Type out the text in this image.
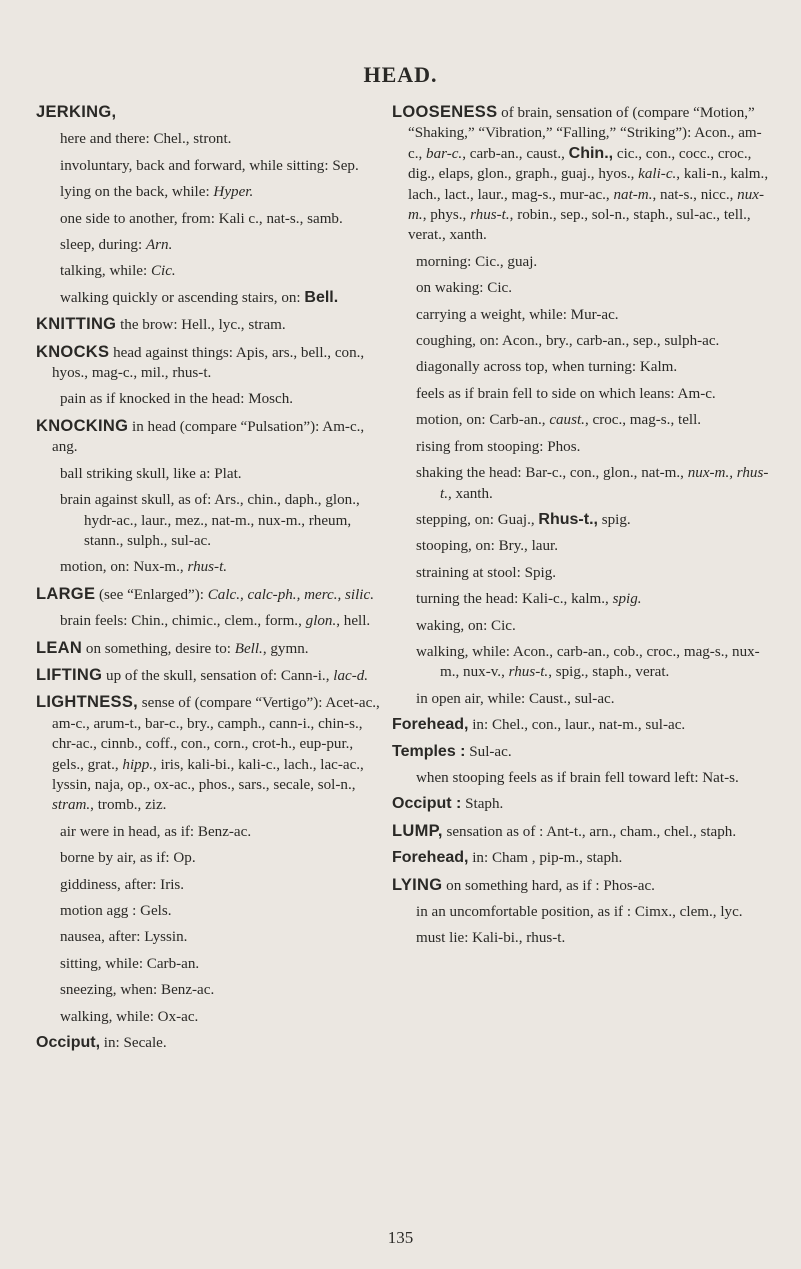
HEAD.
JERKING,
here and there: Chel., stront.
involuntary, back and forward, while sitting: Sep.
lying on the back, while: Hyper.
one side to another, from: Kali c., nat-s., samb.
sleep, during: Arn.
talking, while: Cic.
walking quickly or ascending stairs, on: Bell.
KNITTING the brow: Hell., lyc., stram.
KNOCKS head against things: Apis, ars., bell., con., hyos., mag-c., mil., rhus-t.
pain as if knocked in the head: Mosch.
KNOCKING in head (compare “Pulsation”): Am-c., ang.
ball striking skull, like a: Plat.
brain against skull, as of: Ars., chin., daph., glon., hydr-ac., laur., mez., nat-m., nux-m., rheum, stann., sulph., sul-ac.
motion, on: Nux-m., rhus-t.
LARGE (see “Enlarged”): Calc., calc-ph., merc., silic.
brain feels: Chin., chimic., clem., form., glon., hell.
LEAN on something, desire to: Bell., gymn.
LIFTING up of the skull, sensation of: Cann-i., lac-d.
LIGHTNESS, sense of (compare “Vertigo”): Acet-ac., am-c., arum-t., bar-c., bry., camph., cann-i., chin-s., chr-ac., cinnb., coff., con., corn., crot-h., eup-pur., gels., grat., hipp., iris, kali-bi., kali-c., lach., lac-ac., lyssin, naja, op., ox-ac., phos., sars., secale, sol-n., stram., tromb., ziz.
air were in head, as if: Benz-ac.
borne by air, as if: Op.
giddiness, after: Iris.
motion agg : Gels.
nausea, after: Lyssin.
sitting, while: Carb-an.
sneezing, when: Benz-ac.
walking, while: Ox-ac.
Occiput, in: Secale.
LOOSENESS of brain, sensation of (compare “Motion,” “Shaking,” “Vibration,” “Falling,” “Striking”): Acon., am-c., bar-c., carb-an., caust., Chin., cic., con., cocc., croc., dig., elaps, glon., graph., guaj., hyos., kali-c., kali-n., kalm., lach., lact., laur., mag-s., mur-ac., nat-m., nat-s., nicc., nux-m., phys., rhus-t., robin., sep., sol-n., staph., sul-ac., tell., verat., xanth.
morning: Cic., guaj.
on waking: Cic.
carrying a weight, while: Mur-ac.
coughing, on: Acon., bry., carb-an., sep., sulph-ac.
diagonally across top, when turning: Kalm.
feels as if brain fell to side on which leans: Am-c.
motion, on: Carb-an., caust., croc., mag-s., tell.
rising from stooping: Phos.
shaking the head: Bar-c., con., glon., nat-m., nux-m., rhus-t., xanth.
stepping, on: Guaj., Rhus-t., spig.
stooping, on: Bry., laur.
straining at stool: Spig.
turning the head: Kali-c., kalm., spig.
waking, on: Cic.
walking, while: Acon., carb-an., cob., croc., mag-s., nux-m., nux-v., rhus-t., spig., staph., verat.
in open air, while: Caust., sul-ac.
Forehead, in: Chel., con., laur., nat-m., sul-ac.
Temples : Sul-ac.
when stooping feels as if brain fell toward left: Nat-s.
Occiput : Staph.
LUMP, sensation as of : Ant-t., arn., cham., chel., staph.
Forehead, in: Cham , pip-m., staph.
LYING on something hard, as if : Phos-ac.
in an uncomfortable position, as if : Cimx., clem., lyc.
must lie: Kali-bi., rhus-t.
135
